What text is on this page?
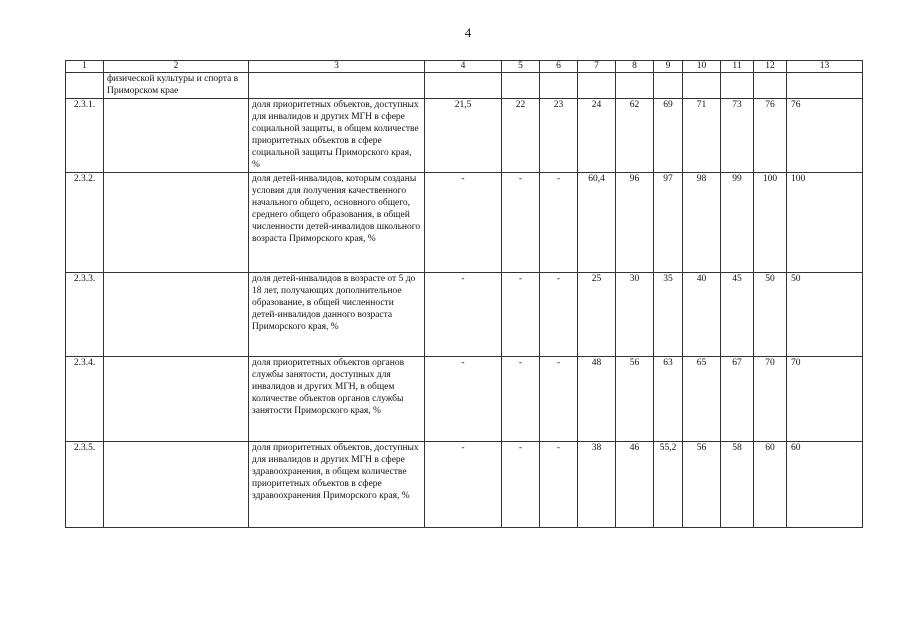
4
1	2	3	4	5	6	7	8	9	10	11	12	13
	физической культуры и спорта в Приморском крае											
2.3.1.		доля приоритетных объектов, доступных для инвалидов и других МГН в сфере социальной защиты, в общем количестве приоритетных объектов в сфере социальной защиты Приморского края, %	21,5	22	23	24	62	69	71	73	76	76
2.3.2.		доля детей-инвалидов, которым созданы условия для получения качественного начального общего, основного общего, среднего общего образования, в общей численности детей-инвалидов школьного возраста Приморского края, %	-	-	-	60,4	96	97	98	99	100	100
2.3.3.		доля детей-инвалидов в возрасте от 5 до 18 лет, получающих дополнительное образование, в общей численности детей-инвалидов данного возраста Приморского края, %	-	-	-	25	30	35	40	45	50	50
2.3.4.		доля приоритетных объектов органов службы занятости, доступных для инвалидов и других МГН, в общем количестве объектов органов службы занятости Приморского края, %	-	-	-	48	56	63	65	67	70	70
2.3.5.		доля приоритетных объектов, доступных для инвалидов и других МГН в сфере здравоохранения, в общем количестве приоритетных объектов в сфере здравоохранения Приморского края, %	-	-	-	38	46	55,2	56	58	60	60
